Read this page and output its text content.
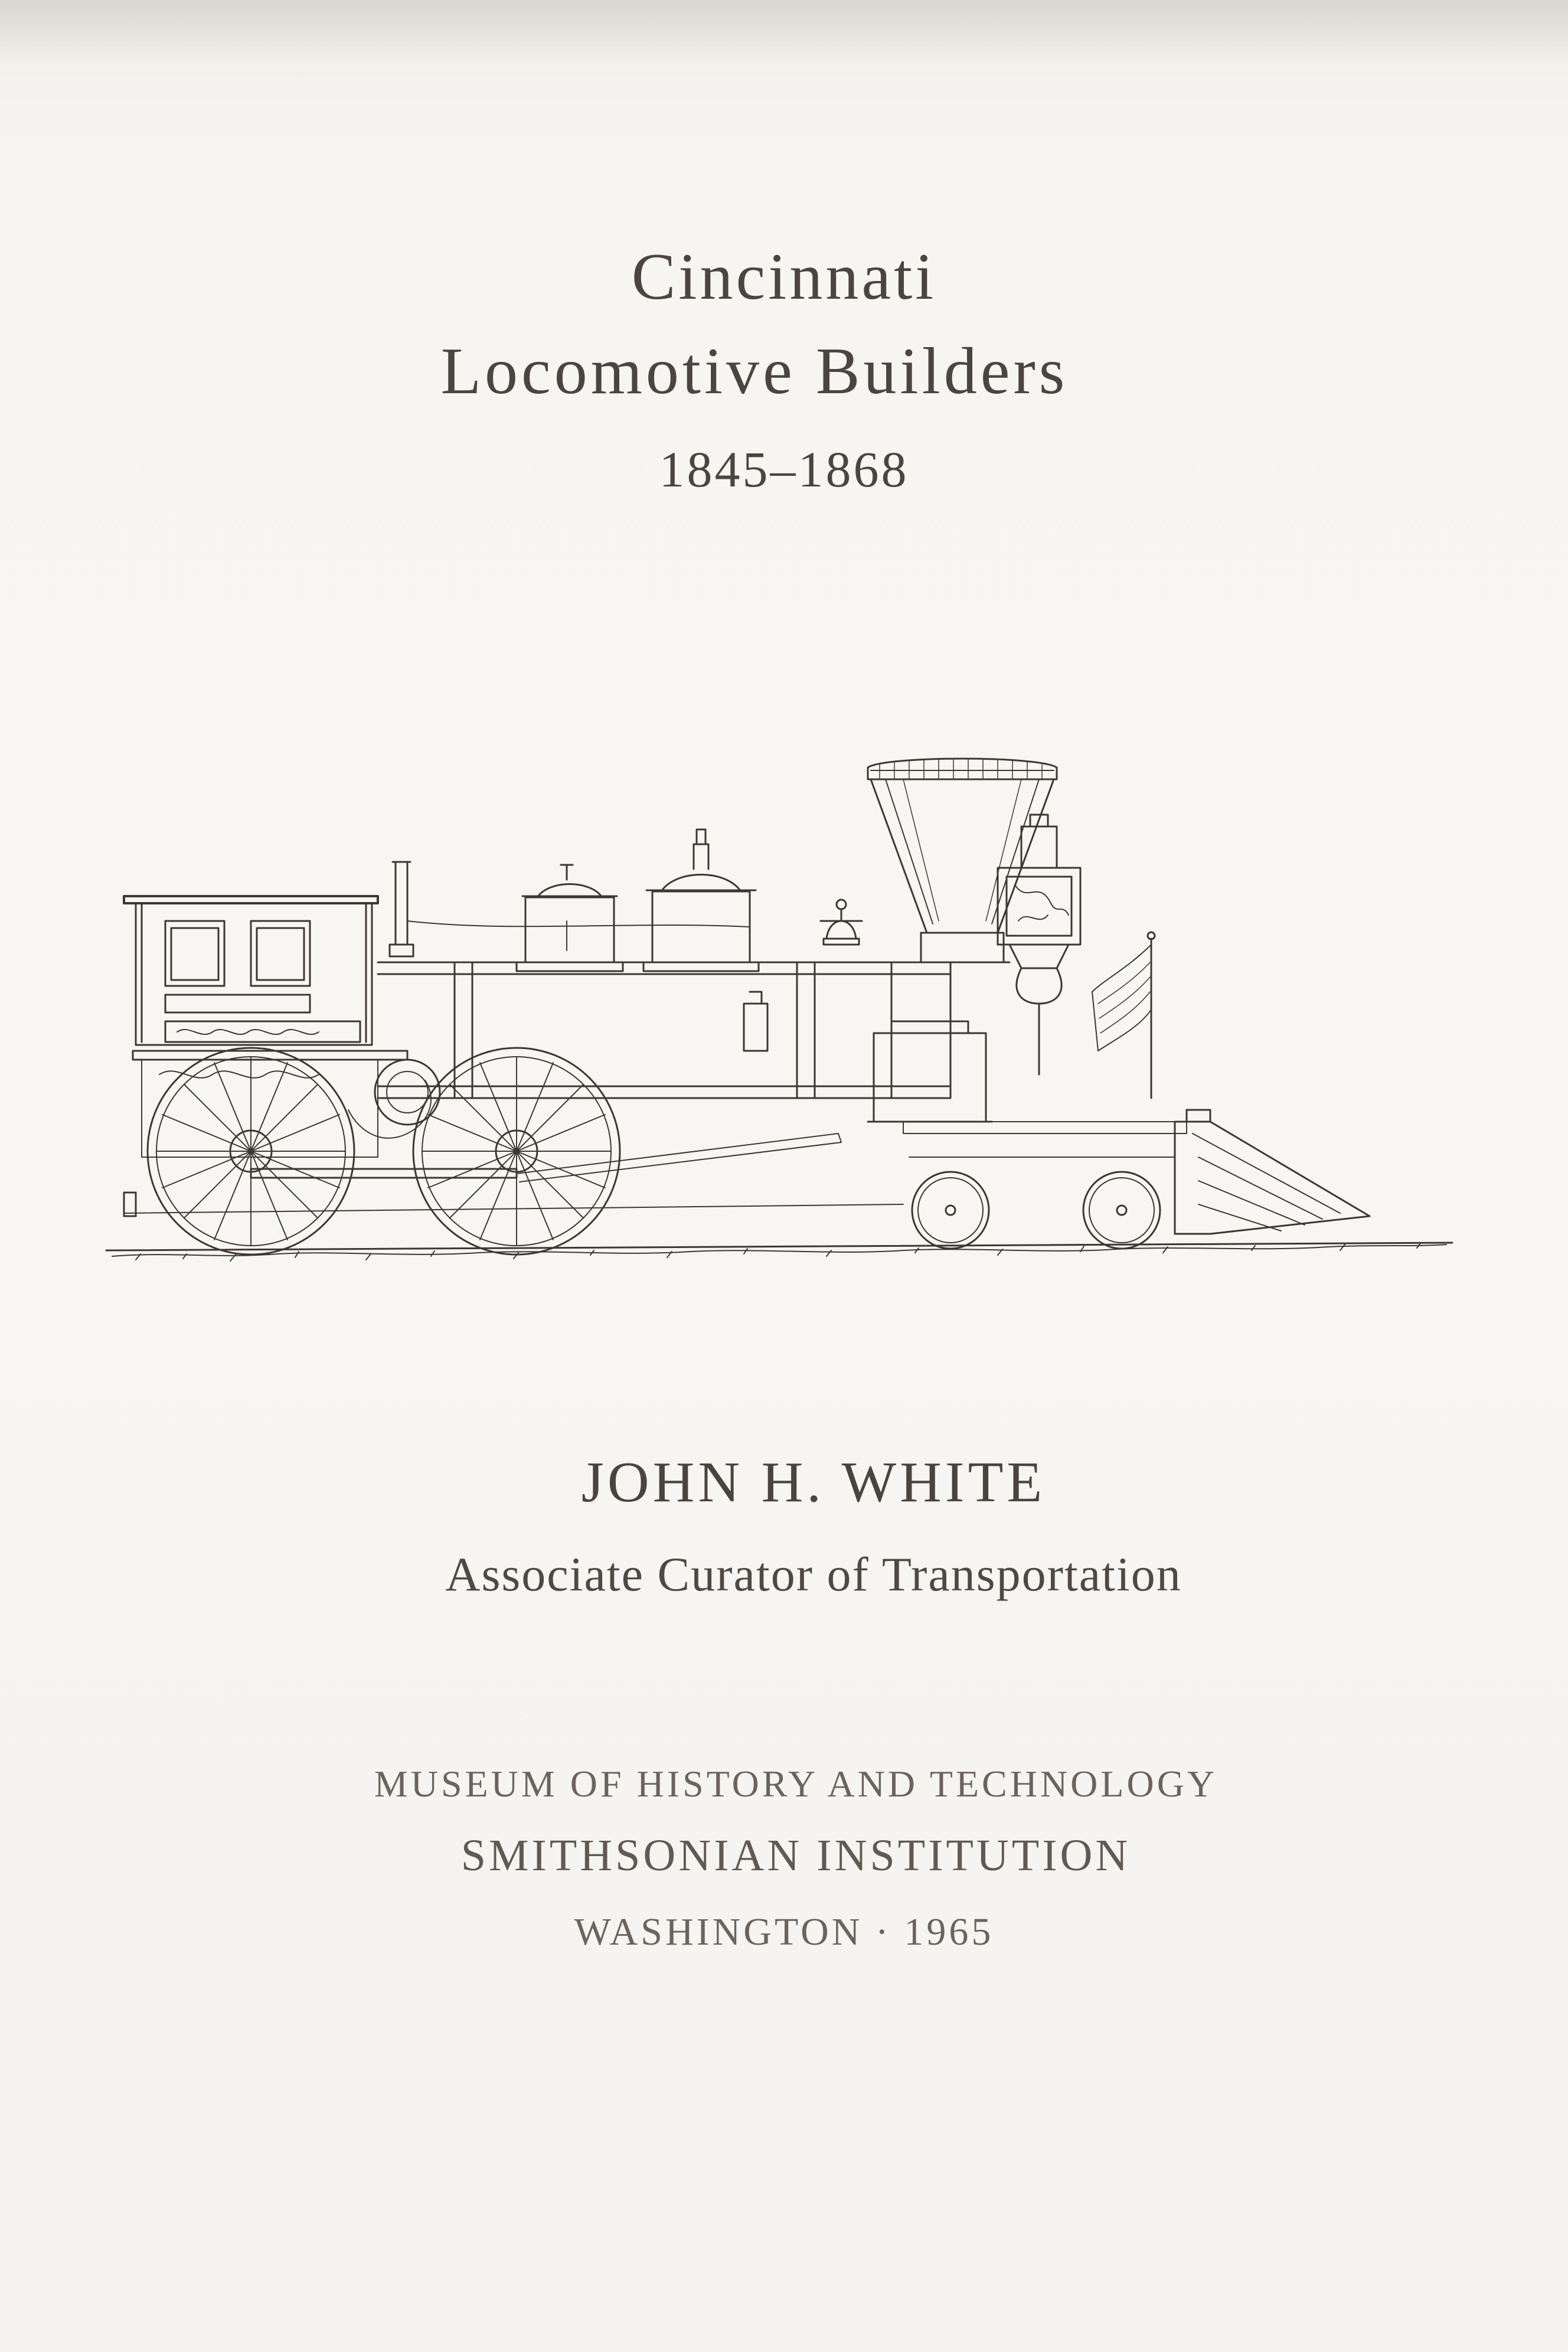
Cincinnati
Locomotive Builders
1845–1868
JOHN H. WHITE
Associate Curator of Transportation
MUSEUM OF HISTORY AND TECHNOLOGY
SMITHSONIAN INSTITUTION
WASHINGTON · 1965
